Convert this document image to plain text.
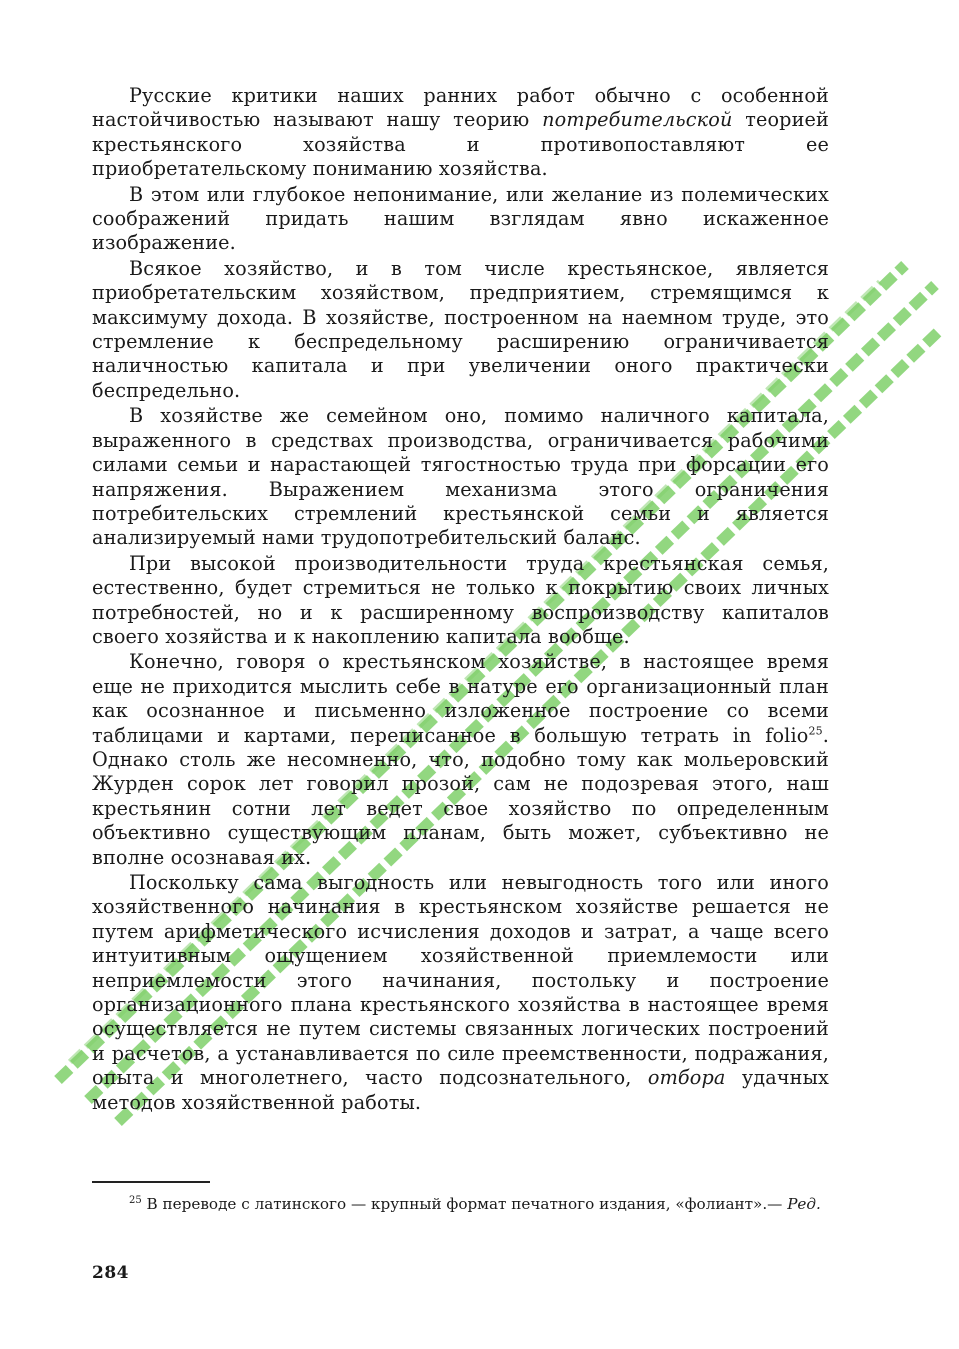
Русские критики наших ранних работ обычно с особенной настойчивостью называют нашу теорию потребительской теорией крестьянского хозяйства и противопоставляют ее приобретательскому пониманию хозяйства.

В этом или глубокое непонимание, или желание из полемических соображений придать нашим взглядам явно искаженное изображение.

Всякое хозяйство, и в том числе крестьянское, является приобретательским хозяйством, предприятием, стремящимся к максимуму дохода. В хозяйстве, построенном на наемном труде, это стремление к беспредельному расширению ограничивается наличностью капитала и при увеличении оного практически беспредельно.

В хозяйстве же семейном оно, помимо наличного капитала, выраженного в средствах производства, ограничивается рабочими силами семьи и нарастающей тягостностью труда при форсации его напряжения. Выражением механизма этого ограничения потребительских стремлений крестьянской семьи и является анализируемый нами трудопотребительский баланс.

При высокой производительности труда крестьянская семья, естественно, будет стремиться не только к покрытию своих личных потребностей, но и к расширенному воспроизводству капиталов своего хозяйства и к накоплению капитала вообще.

Конечно, говоря о крестьянском хозяйстве, в настоящее время еще не приходится мыслить себе в натуре его организационный план как осознанное и письменно изложенное построение со всеми таблицами и картами, переписанное в большую тетрать in folio$^{25}$. Однако столь же несомненно, что, подобно тому как мольеровский Журден сорок лет говорил прозой, сам не подозревая этого, наш крестьянин сотни лет ведет свое хозяйство по определенным объективно существующим планам, быть может, субъективно не вполне осознавая их.

Поскольку сама выгодность или невыгодность того или иного хозяйственного начинания в крестьянском хозяйстве решается не путем арифметического исчисления доходов и затрат, а чаще всего интуитивным ощущением хозяйственной приемлемости или неприемлемости этого начинания, постольку и построение организационного плана крестьянского хозяйства в настоящее время осуществляется не путем системы связанных логических построений и расчетов, а устанавливается по силе преемственности, подражания, опыта и многолетнего, часто подсознательного, отбора удачных методов хозяйственной работы.

$^{25}$ В переводе с латинского — крупный формат печатного издания, «фолиант».— Ред.

284
